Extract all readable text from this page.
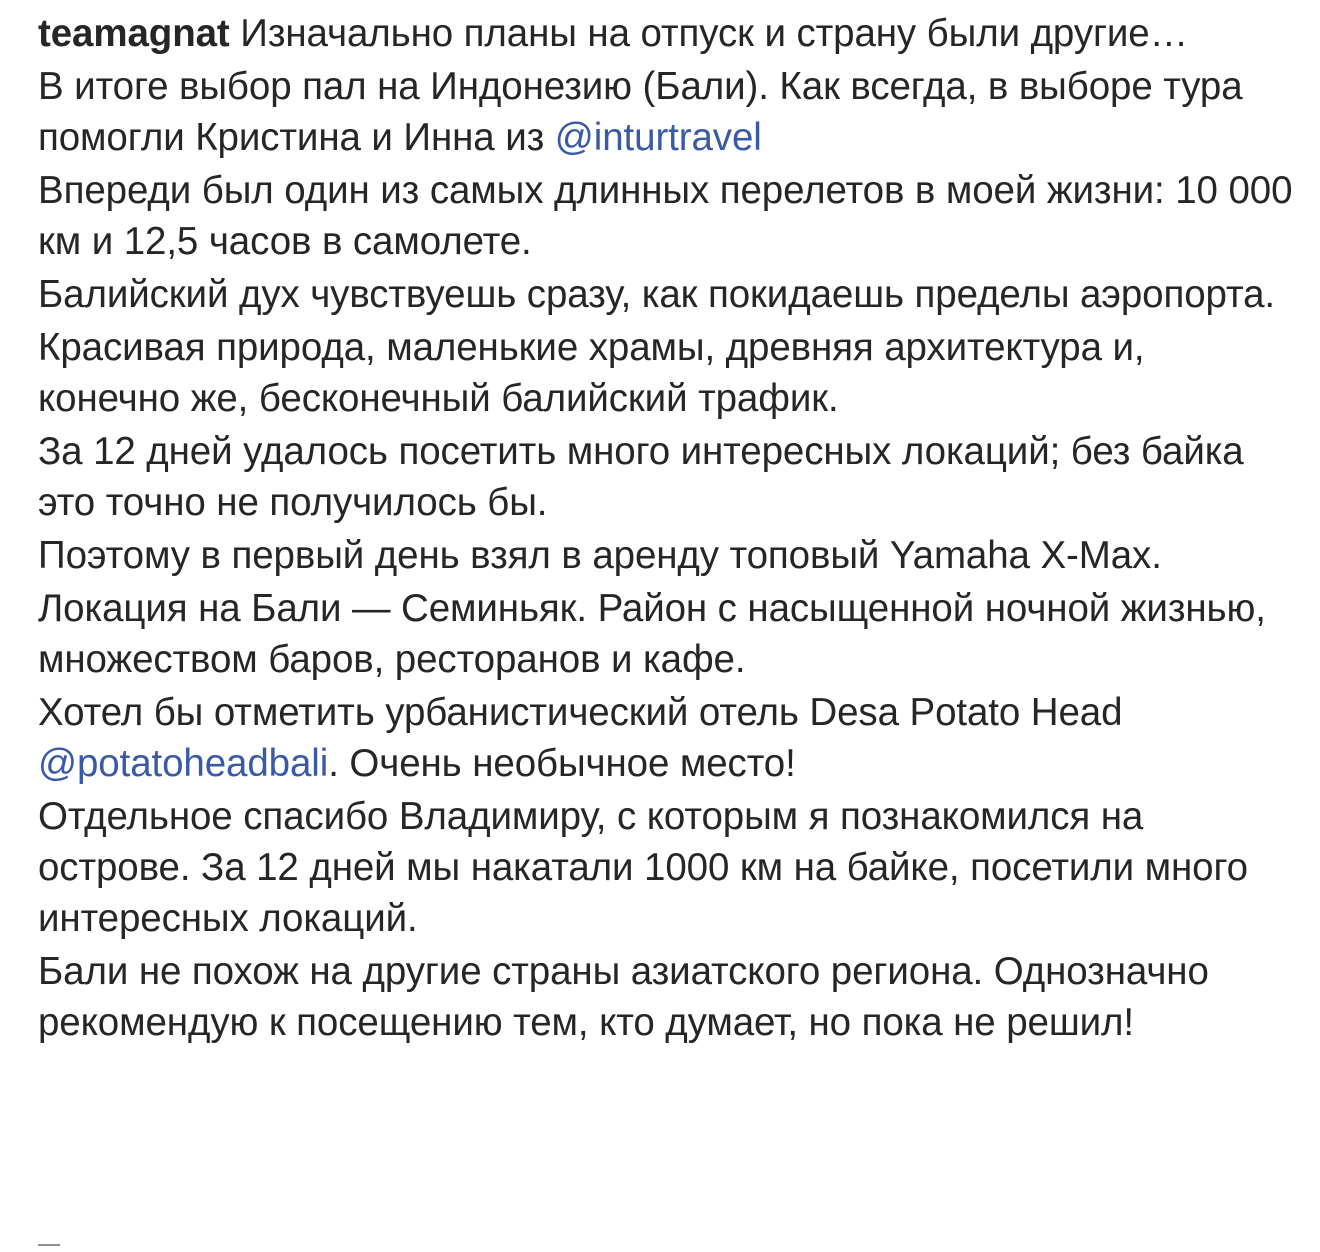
teamagnat Изначально планы на отпуск и страну были другие…

В итоге выбор пал на Индонезию (Бали). Как всегда, в выборе тура помогли Кристина и Инна из @inturtravel

Впереди был один из самых длинных перелетов в моей жизни: 10 000 км и 12,5 часов в самолете.

Балийский дух чувствуешь сразу, как покидаешь пределы аэропорта.

Красивая природа, маленькие храмы, древняя архитектура и, конечно же, бесконечный балийский трафик.

За 12 дней удалось посетить много интересных локаций; без байка это точно не получилось бы.

Поэтому в первый день взял в аренду топовый Yamaha X-Max.

Локация на Бали — Семиньяк. Район с насыщенной ночной жизнью, множеством баров, ресторанов и кафе.

Хотел бы отметить урбанистический отель Desa Potato Head @potatoheadbali. Очень необычное место!

Отдельное спасибо Владимиру, с которым я познакомился на острове. За 12 дней мы накатали 1000 км на байке, посетили много интересных локаций.

Бали не похож на другие страны азиатского региона. Однозначно рекомендую к посещению тем, кто думает, но пока не решил!
